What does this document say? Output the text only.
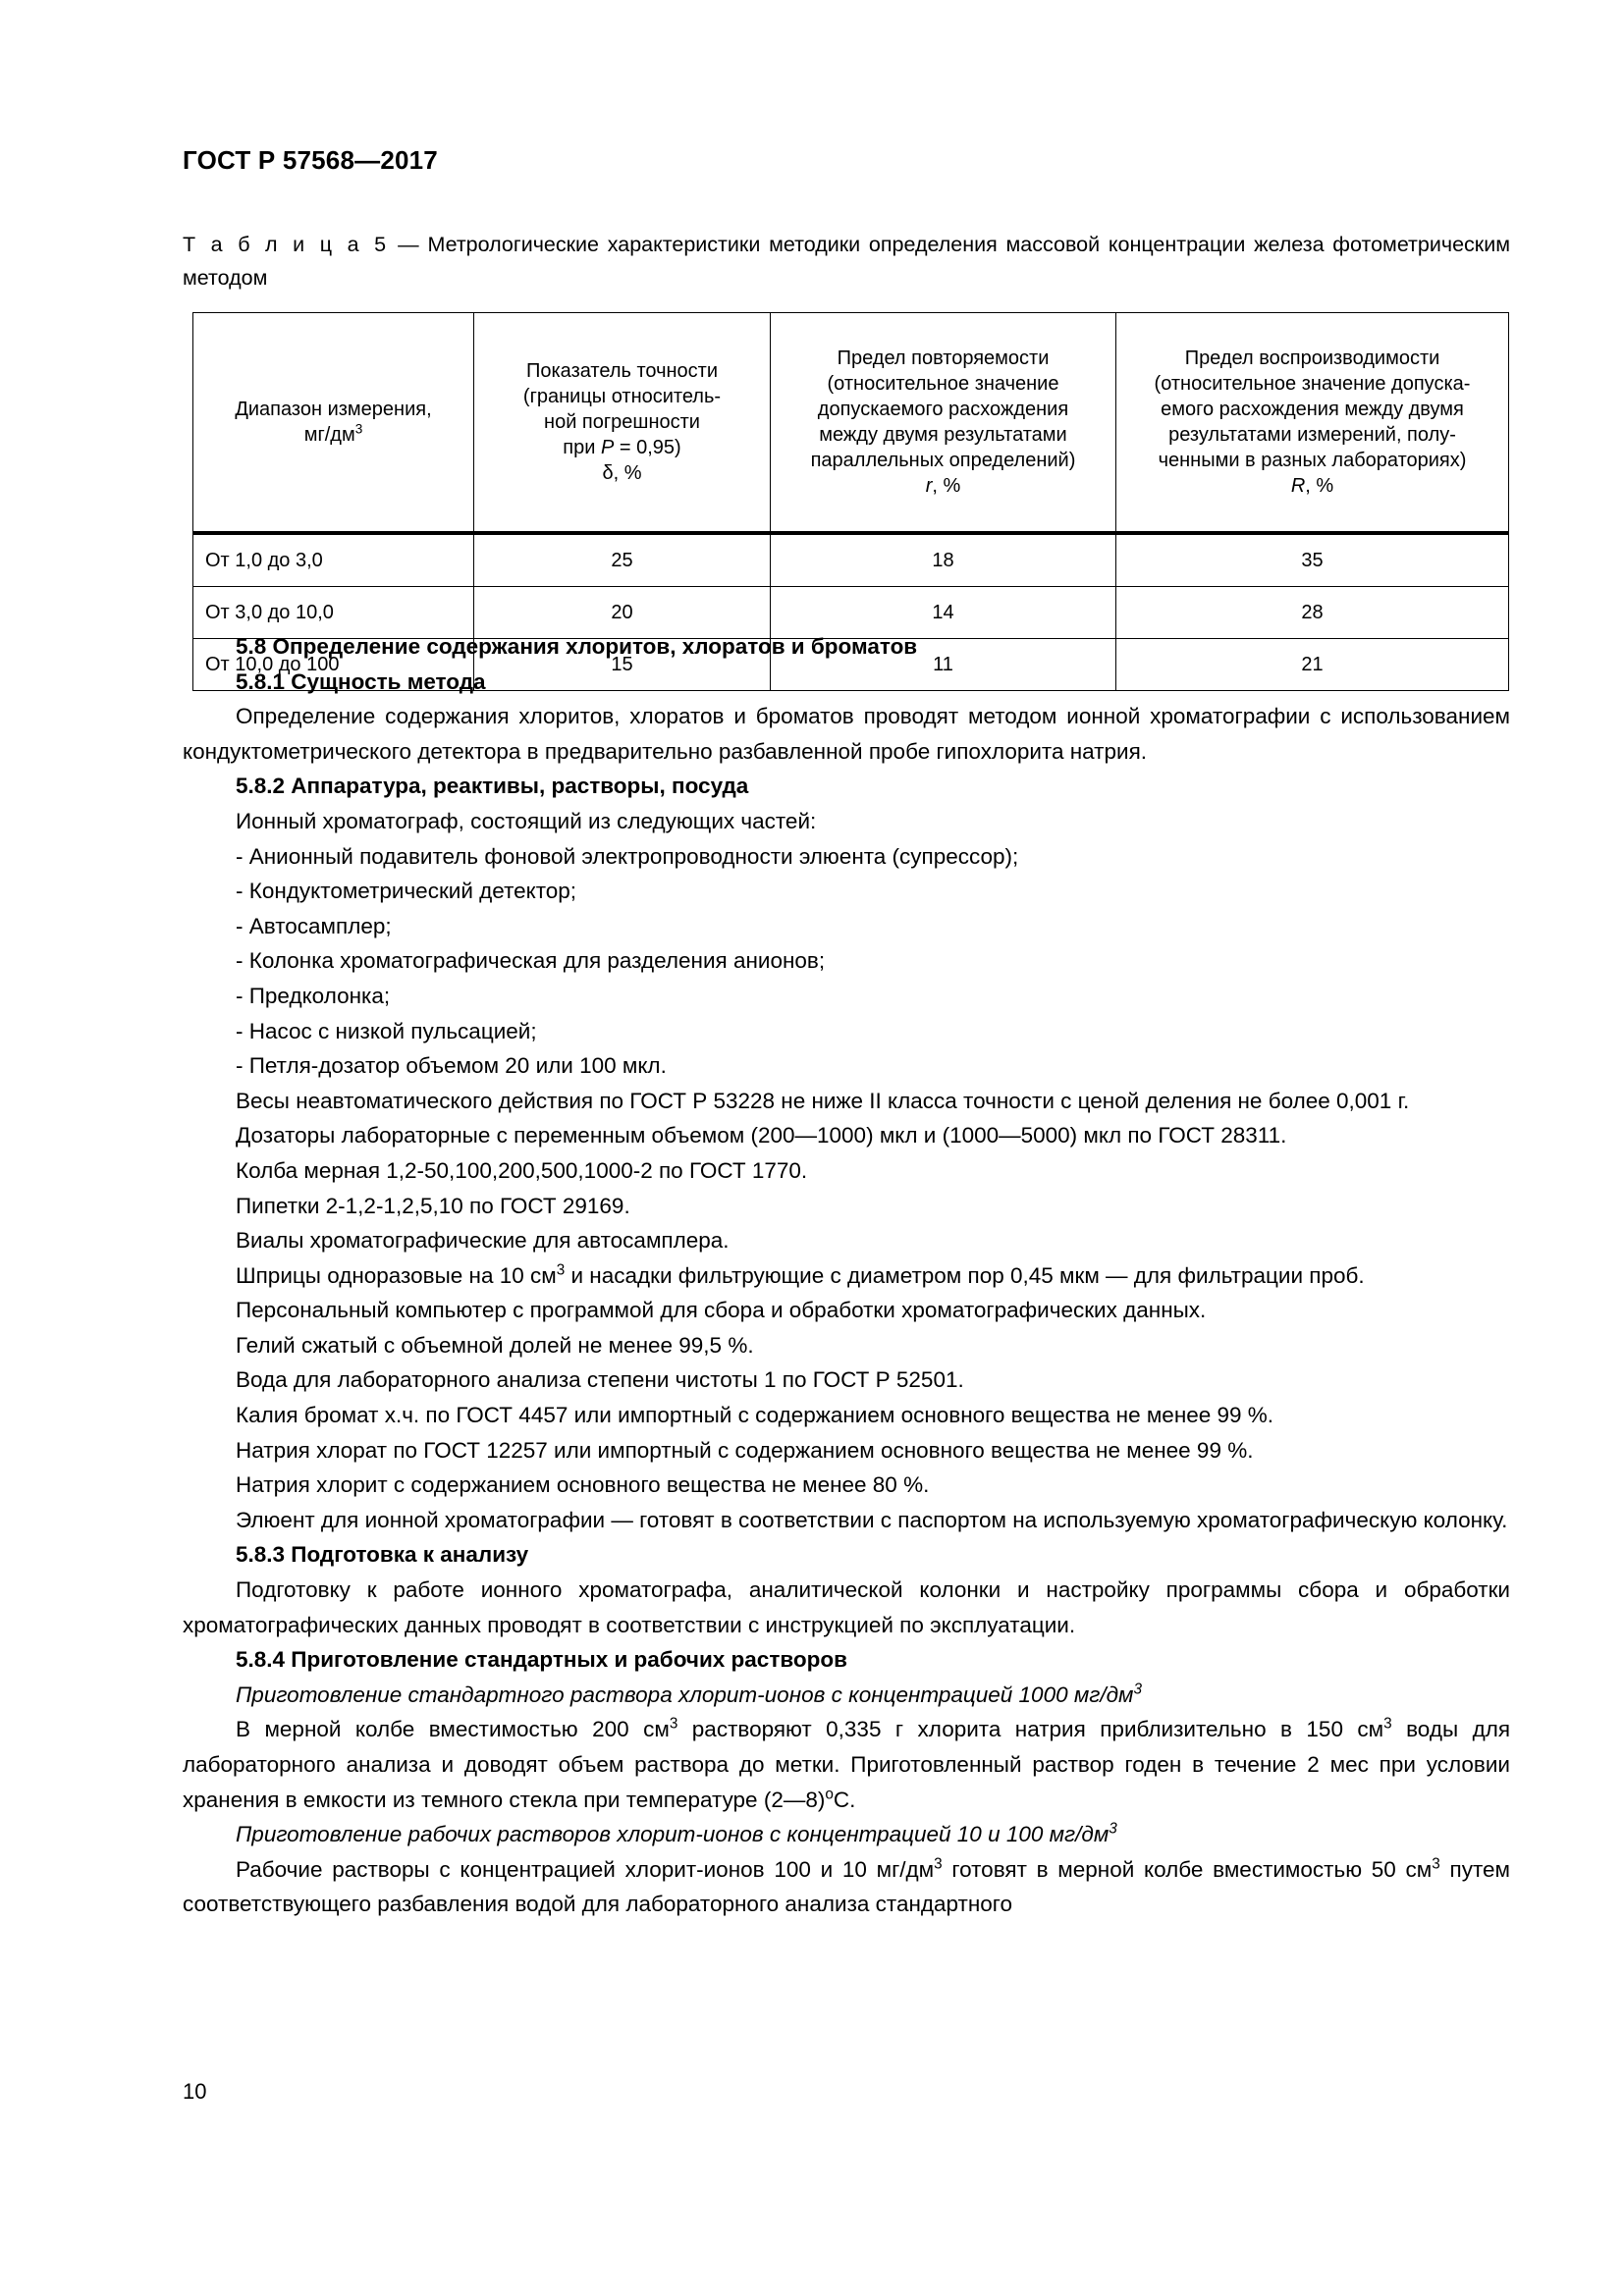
ГОСТ Р 57568—2017
Т а б л и ц а 5 — Метрологические характеристики методики определения массовой концентрации железа фотометрическим методом
Диапазон измерения,
$мг/дм^3$

Показатель точности
(границы относитель-
ной погрешности
при P = 0,95)
δ, %

Предел повторяемости
(относительное значение
допускаемого расхождения
между двумя результатами
параллельных определений)
r, %

Предел воспроизводимости
(относительное значение допуска-
емого расхождения между двумя
результатами измерений, полу-
ченными в разных лабораториях)
R, %

От 1,0 до 3,0	25	18	35
От 3,0 до 10,0	20	14	28
От 10,0 до 100	15	11	21
5.8 Определение содержания хлоритов, хлоратов и броматов
5.8.1 Сущность метода

Определение содержания хлоритов, хлоратов и броматов проводят методом ионной хроматографии с использованием кондуктометрического детектора в предварительно разбавленной пробе гипохлорита натрия.

5.8.2 Аппаратура, реактивы, растворы, посуда

Ионный хроматограф, состоящий из следующих частей:

- Анионный подавитель фоновой электропроводности элюента (супрессор);

- Кондуктометрический детектор;

- Автосамплер;

- Колонка хроматографическая для разделения анионов;

- Предколонка;

- Насос с низкой пульсацией;

- Петля-дозатор объемом 20 или 100 мкл.

Весы неавтоматического действия по ГОСТ Р 53228 не ниже II класса точности с ценой деления не более 0,001 г.

Дозаторы лабораторные с переменным объемом (200—1000) мкл и (1000—5000) мкл по ГОСТ 28311.

Колба мерная 1,2-50,100,200,500,1000-2 по ГОСТ 1770.

Пипетки 2-1,2-1,2,5,10 по ГОСТ 29169.

Виалы хроматографические для автосамплера.

Шприцы одноразовые на 10 $см^3$ и насадки фильтрующие с диаметром пор 0,45 мкм — для фильтрации проб.

Персональный компьютер с программой для сбора и обработки хроматографических данных.

Гелий сжатый с объемной долей не менее 99,5 %.

Вода для лабораторного анализа степени чистоты 1 по ГОСТ Р 52501.

Калия бромат х.ч. по ГОСТ 4457 или импортный с содержанием основного вещества не менее 99 %.

Натрия хлорат по ГОСТ 12257 или импортный с содержанием основного вещества не менее 99 %.

Натрия хлорит с содержанием основного вещества не менее 80 %.

Элюент для ионной хроматографии — готовят в соответствии с паспортом на используемую хроматографическую колонку.

5.8.3 Подготовка к анализу

Подготовку к работе ионного хроматографа, аналитической колонки и настройку программы сбора и обработки хроматографических данных проводят в соответствии с инструкцией по эксплуатации.

5.8.4 Приготовление стандартных и рабочих растворов

Приготовление стандартного раствора хлорит-ионов с концентрацией 1000 $мг/дм^3$

В мерной колбе вместимостью 200 $см^3$ растворяют 0,335 г хлорита натрия приблизительно в 150 $см^3$ воды для лабораторного анализа и доводят объем раствора до метки. Приготовленный раствор годен в течение 2 мес при условии хранения в емкости из темного стекла при температуре (2—8)$^о$С.

Приготовление рабочих растворов хлорит-ионов с концентрацией 10 и 100 $мг/дм^3$

Рабочие растворы с концентрацией хлорит-ионов 100 и 10 $мг/дм^3$ готовят в мерной колбе вместимостью 50 $см^3$ путем соответствующего разбавления водой для лабораторного анализа стандартного

10
